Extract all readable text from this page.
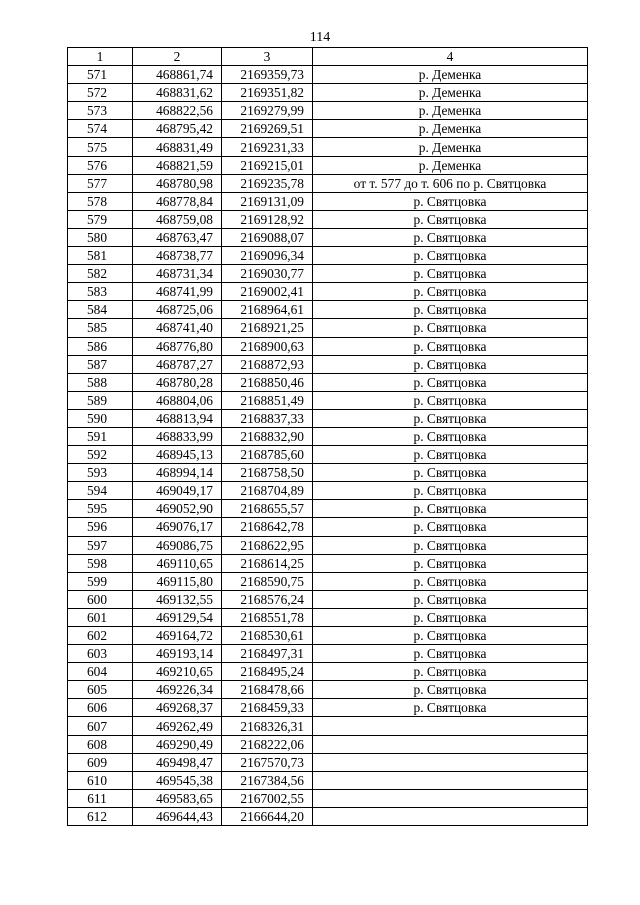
114
1	2	3	4
571	468861,74	2169359,73	р. Деменка
572	468831,62	2169351,82	р. Деменка
573	468822,56	2169279,99	р. Деменка
574	468795,42	2169269,51	р. Деменка
575	468831,49	2169231,33	р. Деменка
576	468821,59	2169215,01	р. Деменка
577	468780,98	2169235,78	от т. 577 до т. 606 по р. Святцовка
578	468778,84	2169131,09	р. Святцовка
579	468759,08	2169128,92	р. Святцовка
580	468763,47	2169088,07	р. Святцовка
581	468738,77	2169096,34	р. Святцовка
582	468731,34	2169030,77	р. Святцовка
583	468741,99	2169002,41	р. Святцовка
584	468725,06	2168964,61	р. Святцовка
585	468741,40	2168921,25	р. Святцовка
586	468776,80	2168900,63	р. Святцовка
587	468787,27	2168872,93	р. Святцовка
588	468780,28	2168850,46	р. Святцовка
589	468804,06	2168851,49	р. Святцовка
590	468813,94	2168837,33	р. Святцовка
591	468833,99	2168832,90	р. Святцовка
592	468945,13	2168785,60	р. Святцовка
593	468994,14	2168758,50	р. Святцовка
594	469049,17	2168704,89	р. Святцовка
595	469052,90	2168655,57	р. Святцовка
596	469076,17	2168642,78	р. Святцовка
597	469086,75	2168622,95	р. Святцовка
598	469110,65	2168614,25	р. Святцовка
599	469115,80	2168590,75	р. Святцовка
600	469132,55	2168576,24	р. Святцовка
601	469129,54	2168551,78	р. Святцовка
602	469164,72	2168530,61	р. Святцовка
603	469193,14	2168497,31	р. Святцовка
604	469210,65	2168495,24	р. Святцовка
605	469226,34	2168478,66	р. Святцовка
606	469268,37	2168459,33	р. Святцовка
607	469262,49	2168326,31	
608	469290,49	2168222,06	
609	469498,47	2167570,73	
610	469545,38	2167384,56	
611	469583,65	2167002,55	
612	469644,43	2166644,20	
